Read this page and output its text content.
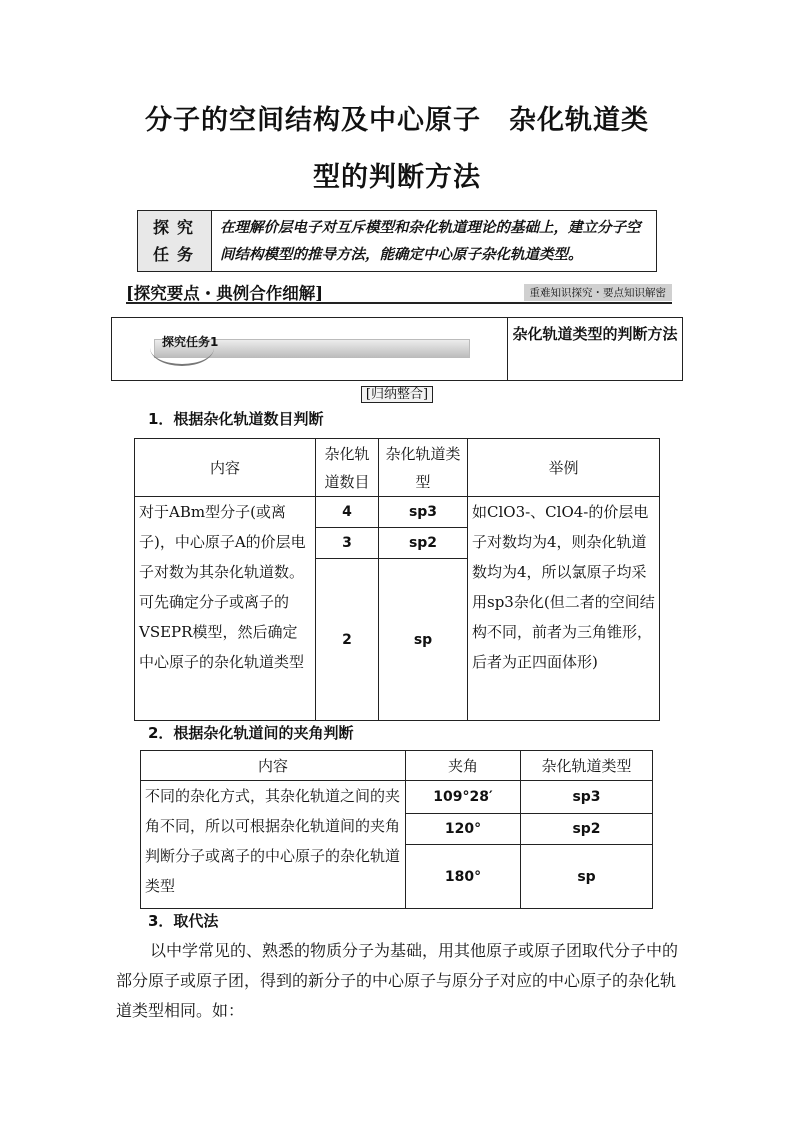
分子的空间结构及中心原子　杂化轨道类
型的判断方法
探究
任务
	在理解价层电子对互斥模型和杂化轨道理论的基础上，建立分子空间结构模型的推导方法，能确定中心原子杂化轨道类型。
[探究要点・典例合作细解]	重难知识探究・要点知识解密
探究任务1	杂化轨道类型的判断方法
[归纳整合]
1．根据杂化轨道数目判断
内容	杂化轨道数目	杂化轨道类型	举例
对于ABm型分子(或离子)，中心原子A的价层电子对数为其杂化轨道数。可先确定分子或离子的VSEPR模型，然后确定中心原子的杂化轨道类型	4	sp3	如ClO3-、ClO4-的价层电子对数均为4，则杂化轨道数均为4，所以氯原子均采用sp3杂化(但二者的空间结构不同，前者为三角锥形，后者为正四面体形)
	3	sp2	
	2	sp	
2．根据杂化轨道间的夹角判断
内容	夹角	杂化轨道类型
不同的杂化方式，其杂化轨道之间的夹角不同，所以可根据杂化轨道间的夹角判断分子或离子的中心原子的杂化轨道类型	109°28′	sp3
	120°	sp2
	180°	sp
3．取代法
以中学常见的、熟悉的物质分子为基础，用其他原子或原子团取代分子中的部分原子或原子团，得到的新分子的中心原子与原分子对应的中心原子的杂化轨道类型相同。如：
